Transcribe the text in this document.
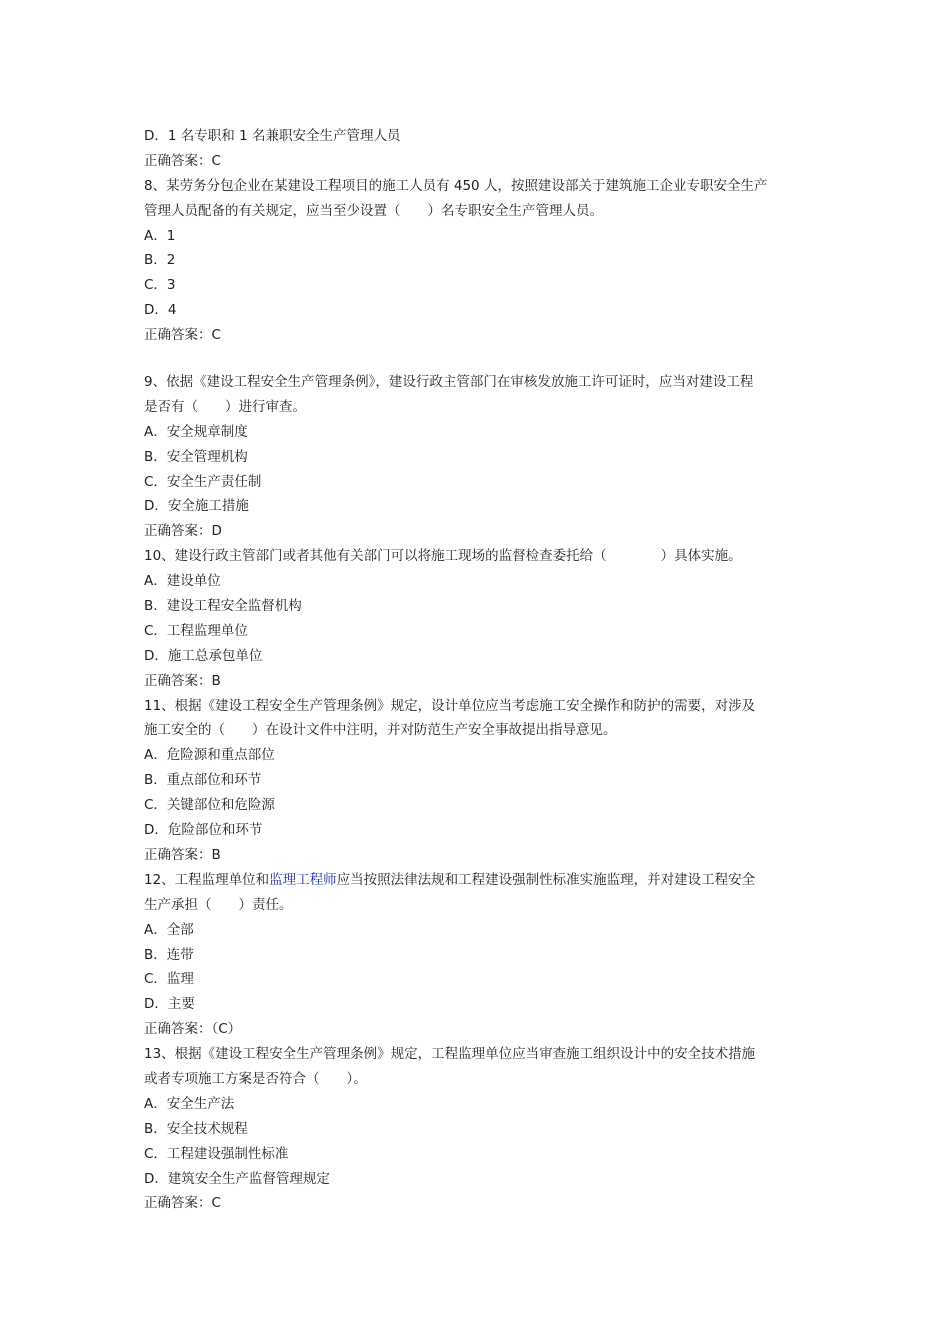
D．1 名专职和 1 名兼职安全生产管理人员
正确答案：C
8、某劳务分包企业在某建设工程项目的施工人员有 450 人，按照建设部关于建筑施工企业专职安全生产
管理人员配备的有关规定，应当至少设置（　　）名专职安全生产管理人员。
A．1
B．2
C．3
D．4
正确答案：C
9、依据《建设工程安全生产管理条例》，建设行政主管部门在审核发放施工许可证时，应当对建设工程
是否有（　　）进行审查。
A．安全规章制度
B．安全管理机构
C．安全生产责任制
D．安全施工措施
正确答案：D
10、建设行政主管部门或者其他有关部门可以将施工现场的监督检查委托给（　　　　）具体实施。
A．建设单位
B．建设工程安全监督机构
C．工程监理单位
D．施工总承包单位
正确答案：B
11、根据《建设工程安全生产管理条例》规定，设计单位应当考虑施工安全操作和防护的需要，对涉及
施工安全的（　　）在设计文件中注明，并对防范生产安全事故提出指导意见。
A．危险源和重点部位
B．重点部位和环节
C．关键部位和危险源
D．危险部位和环节
正确答案：B
12、工程监理单位和监理工程师应当按照法律法规和工程建设强制性标准实施监理，并对建设工程安全
生产承担（　　）责任。
A．全部
B．连带
C．监理
D．主要
正确答案：（C）
13、根据《建设工程安全生产管理条例》规定，工程监理单位应当审查施工组织设计中的安全技术措施
或者专项施工方案是否符合（　　）。
A．安全生产法
B．安全技术规程
C．工程建设强制性标准
D．建筑安全生产监督管理规定
正确答案：C
